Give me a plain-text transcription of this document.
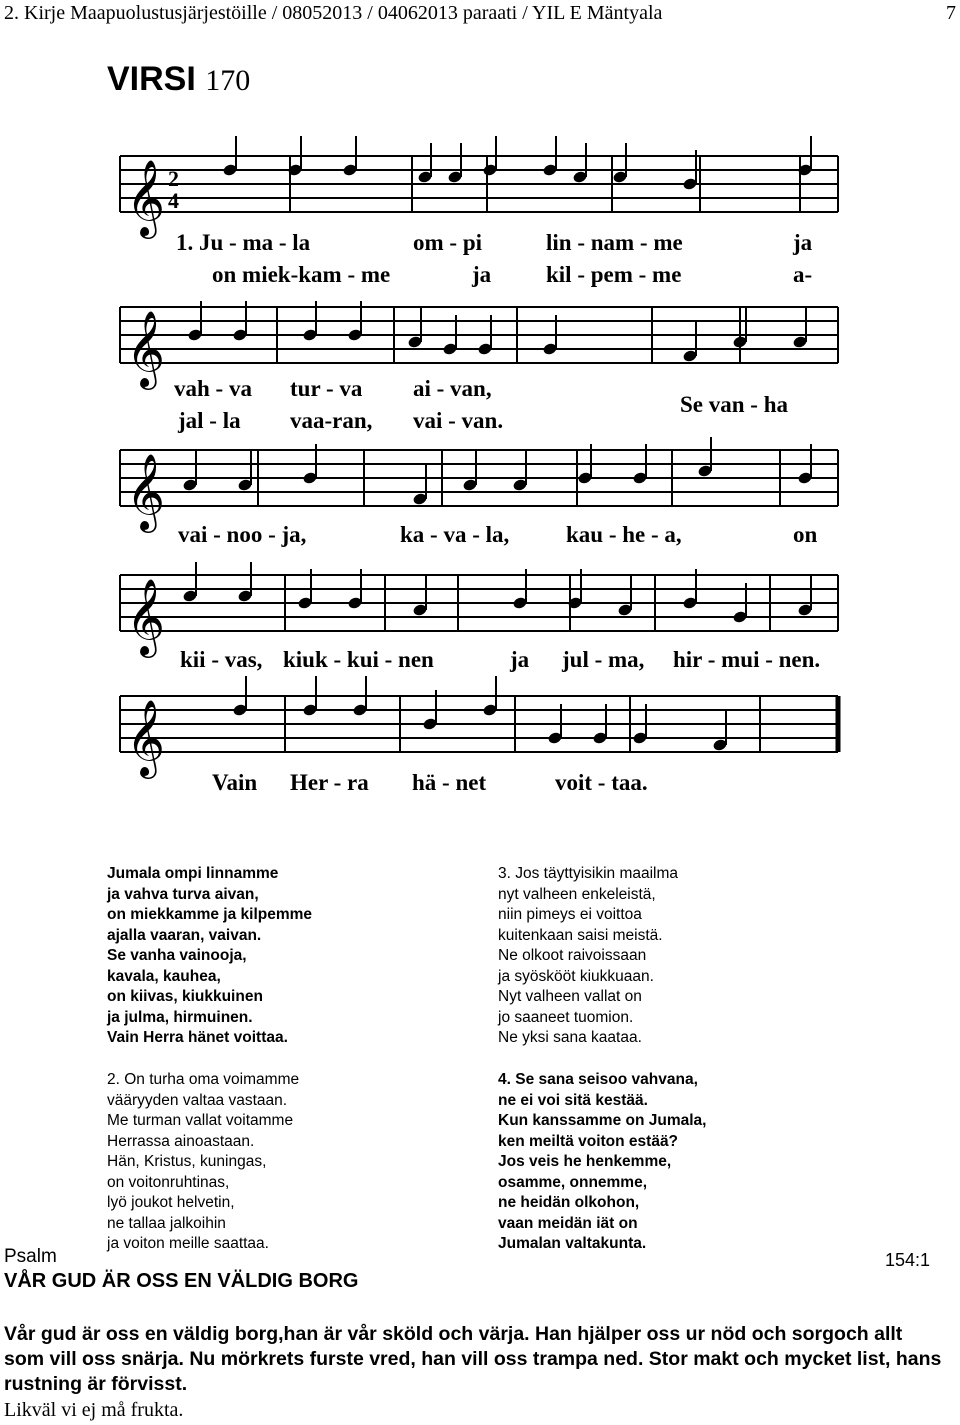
2. Kirje Maapuolustusjärjestöille / 08052013 / 04062013 paraati / YIL E Mäntyala	7
VIRSI 170
𝄞
𝄞
𝄞
𝄞
𝄞
2
4
1. Ju - ma - la	om - pi	lin - nam - me	ja
on miek-kam - me	ja kil - pem - me	a-
vah - va tur - va ai - van,
Se van - ha
jal - la vaa-ran, vai - van.
vai - noo - ja,	ka - va - la, kau - he - a,	on
kii - vas, kiuk - kui - nen	ja jul - ma, hir - mui - nen.
Vain Her - ra hä - net	voit - taa.
Jumala ompi linnamme
ja vahva turva aivan,
on miekkamme ja kilpemme
ajalla vaaran, vaivan.
Se vanha vainooja,
kavala, kauhea,
on kiivas, kiukkuinen
ja julma, hirmuinen.
Vain Herra hänet voittaa.
2. On turha oma voimamme
vääryyden valtaa vastaan.
Me turman vallat voitamme
Herrassa ainoastaan.
Hän, Kristus, kuningas,
on voitonruhtinas,
lyö joukot helvetin,
ne tallaa jalkoihin
ja voiton meille saattaa.
3. Jos täyttyisikin maailma
nyt valheen enkeleistä,
niin pimeys ei voittoa
kuitenkaan saisi meistä.
Ne olkoot raivoissaan
ja syöskööt kiukkuaan.
Nyt valheen vallat on
jo saaneet tuomion.
Ne yksi sana kaataa.
4. Se sana seisoo vahvana,
ne ei voi sitä kestää.
Kun kanssamme on Jumala,
ken meiltä voiton estää?
Jos veis he henkemme,
osamme, onnemme,
ne heidän olkohon,
vaan meidän iät on
Jumalan valtakunta.
Psalm	154:1
VÅR GUD ÄR OSS EN VÄLDIG BORG
Vår gud är oss en väldig borg,han är vår sköld och värja. Han hjälper oss ur nöd och sorgoch allt som vill oss snärja. Nu mörkrets furste vred, han vill oss trampa ned. Stor makt och mycket list, hans rustning är förvisst.
Likväl vi ej må frukta.
